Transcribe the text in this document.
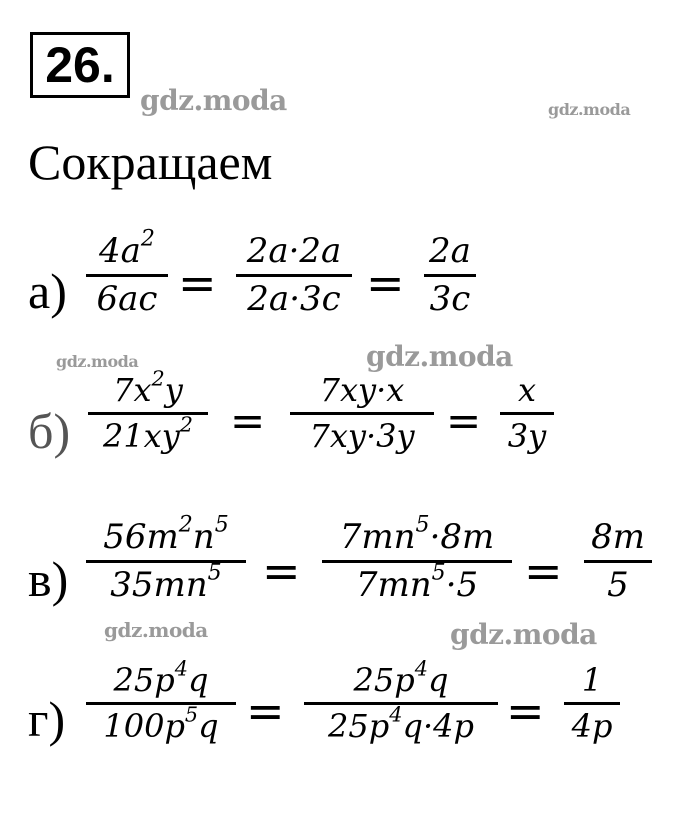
26.
gdz.moda	gdz.moda
Сокращаем
а)
$4a^2$
6ac =
2a·2a
2a·3c =
2a
3c
gdz.moda	gdz.moda
б)
$7x^2y$
$21xy^2$ =
7xy·x
7xy·3y =
x
3y
в)
$56m^2n^5$
$35mn^5$ =
$7mn^5\cdot 8m$
$7mn^5\cdot 5$ =
8m
5
gdz.moda	gdz.moda
г)
$25p^4q$
$100p^5q$ =
$25p^4q$
$25p^4q\cdot 4p$ =
1
4p
